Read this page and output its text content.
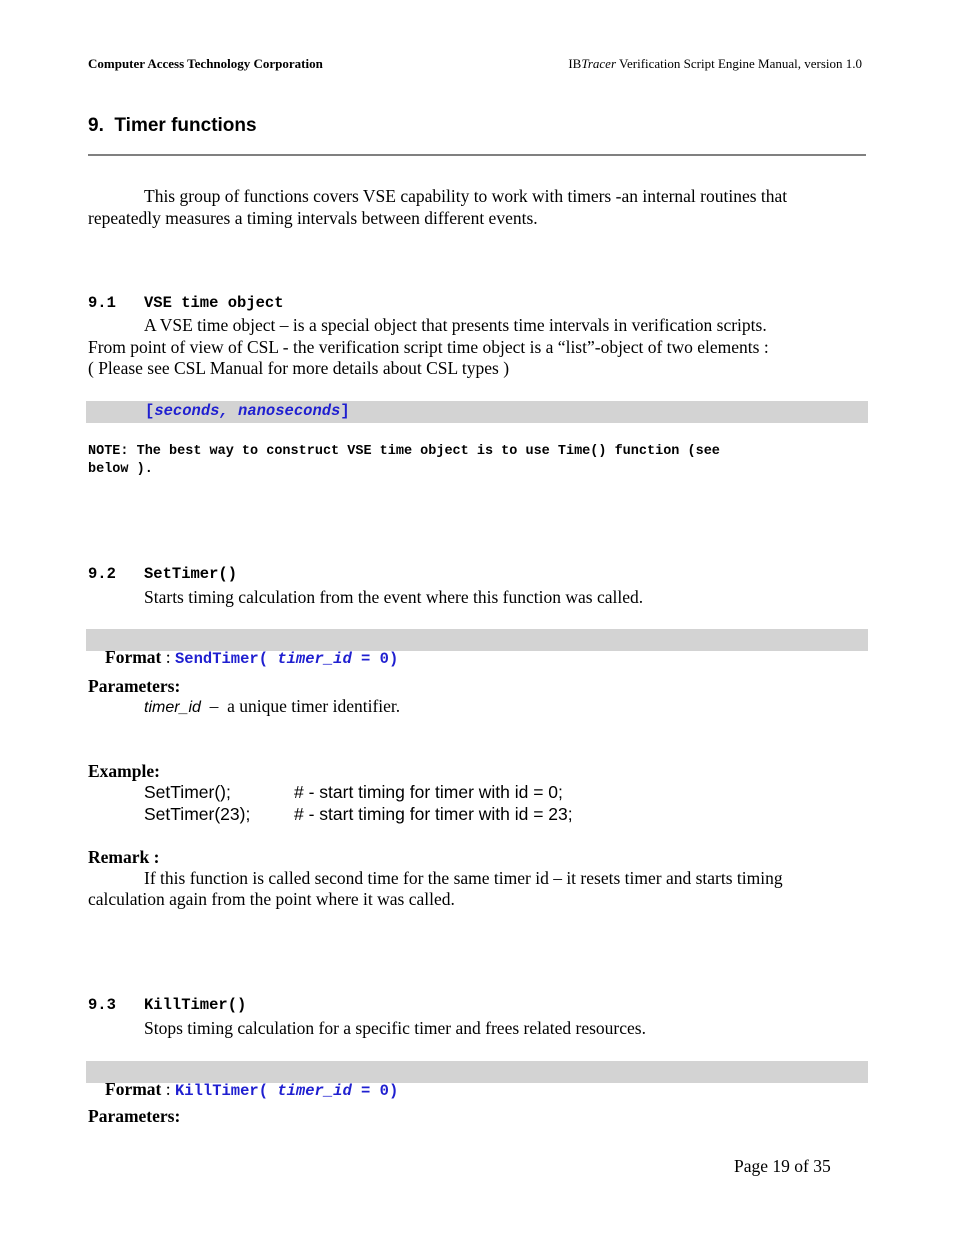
Computer Access Technology Corporation	IBTracer Verification Script Engine Manual, version 1.0
9. Timer functions
This group of functions covers VSE capability to work with timers -an internal routines that
repeatedly measures a timing intervals between different events.
9.1 VSE time object
A VSE time object – is a special object that presents time intervals in verification scripts.
From point of view of CSL - the verification script time object is a “list”-object of two elements :
( Please see CSL Manual for more details about CSL types )
[seconds, nanoseconds]
NOTE: The best way to construct VSE time object is to use Time() function (see
below ).
9.2 SetTimer()
Starts timing calculation from the event where this function was called.

Format : SendTimer( timer_id = 0)

Parameters:
timer_id  –  a unique timer identifier.
Example:
SetTimer();	# - start timing for timer with id = 0;
SetTimer(23);	# - start timing for timer with id = 23;
Remark :
If this function is called second time for the same timer id – it resets timer and starts timing
calculation again from the point where it was called.
9.3 KillTimer()
Stops timing calculation for a specific timer and frees related resources.

Format : KillTimer( timer_id = 0)

Parameters:
Page 19 of 35
